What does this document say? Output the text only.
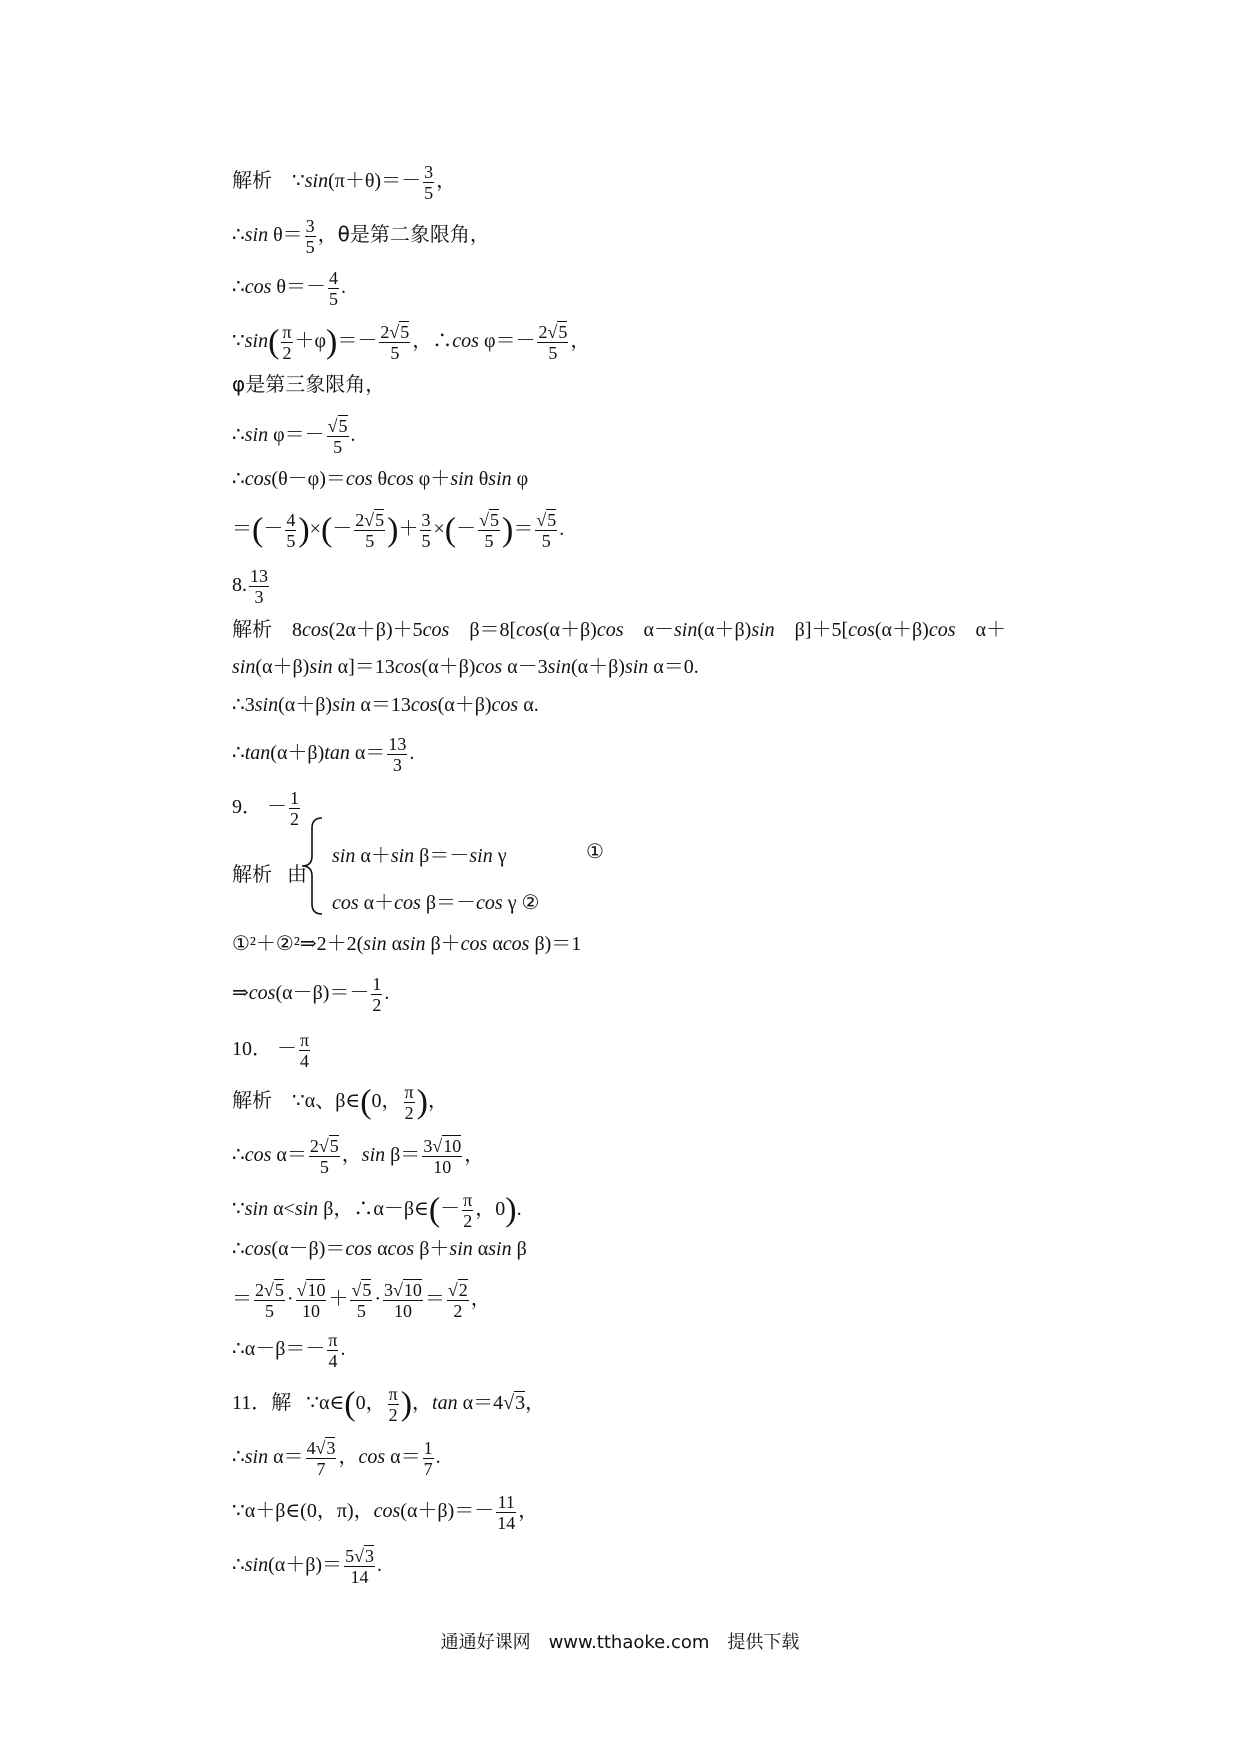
解析    ∵sin(π＋θ)＝－ $\frac{3}{5}$ ，
∴sin $\theta= \frac{3}{5}$ ，θ是第二象限角，
∴cos $\theta=- \frac{4}{5}$ .
∵sin( $\frac{\pi}{2} +\varphi)=- \frac{2√5}{5}$ ，∴cos $\varphi=- \frac{2√5}{5}$ ，
φ是第三象限角，
∴sin $\varphi=- \frac{√5}{5}$ .
∴cos(θ－φ)＝cos θcos φ＋sin θsin φ
＝(－ $\frac{4}{5}$ )×(－ $\frac{2√5}{5}$ )＋ $\frac{3}{5}$ ×(－ $\frac{√5}{5}$ )＝ $\frac{√5}{5}$ .
8. $\frac{13}{3}$
解析    8cos(2α＋β)＋5cos　β＝8[cos(α＋β)cos　α－sin(α＋β)sin　β]＋5[cos(α＋β)cos　α＋
sin(α＋β)sin α]＝13cos(α＋β)cos α－3sin(α＋β)sin α＝0.
∴3sin(α＋β)sin α＝13cos(α＋β)cos α.
∴tan(α＋β)tan $\alpha= \frac{13}{3}$ .
9． － $\frac{1}{2}$
解析 由
sin α＋sin β＝－sin γ	①
cos α＋cos β＝－cos γ ②
①²＋②²⇒2＋2(sin αsin β＋cos αcos β)＝1
⇒cos(α－β)＝－ $\frac{1}{2}$ .
10． － $\frac{\pi}{4}$
解析    ∵α、β∈(0， $\frac{\pi}{2}$ )，
∴cos $\alpha= \frac{2√5}{5}$ ，$\sin \beta= \frac{3√10}{10}$ ，
∵sin α<sin β，∴α－β∈(－ $\frac{\pi}{2}$ ，0).
∴cos(α－β)＝cos αcos β＋sin αsin β
＝ $\frac{2√5}{5} \cdot \frac{√10}{10} + \frac{√5}{5} \cdot \frac{3√10}{10} = \frac{√2}{2}$ ，
∴α－β＝－ $\frac{\pi}{4}$ .
11．解   ∵α∈(0， $\frac{\pi}{2}$ )，tan α＝4√3，
∴sin $\alpha= \frac{4√3}{7}$ ，$\cos \alpha= \frac{1}{7}$ .
∵α＋β∈(0，π)，$\cos(\alpha+\beta)=- \frac{11}{14}$ ，
∴sin(α＋β)＝ $\frac{5√3}{14}$ .
通通好课网　www.tthaoke.com　提供下载
